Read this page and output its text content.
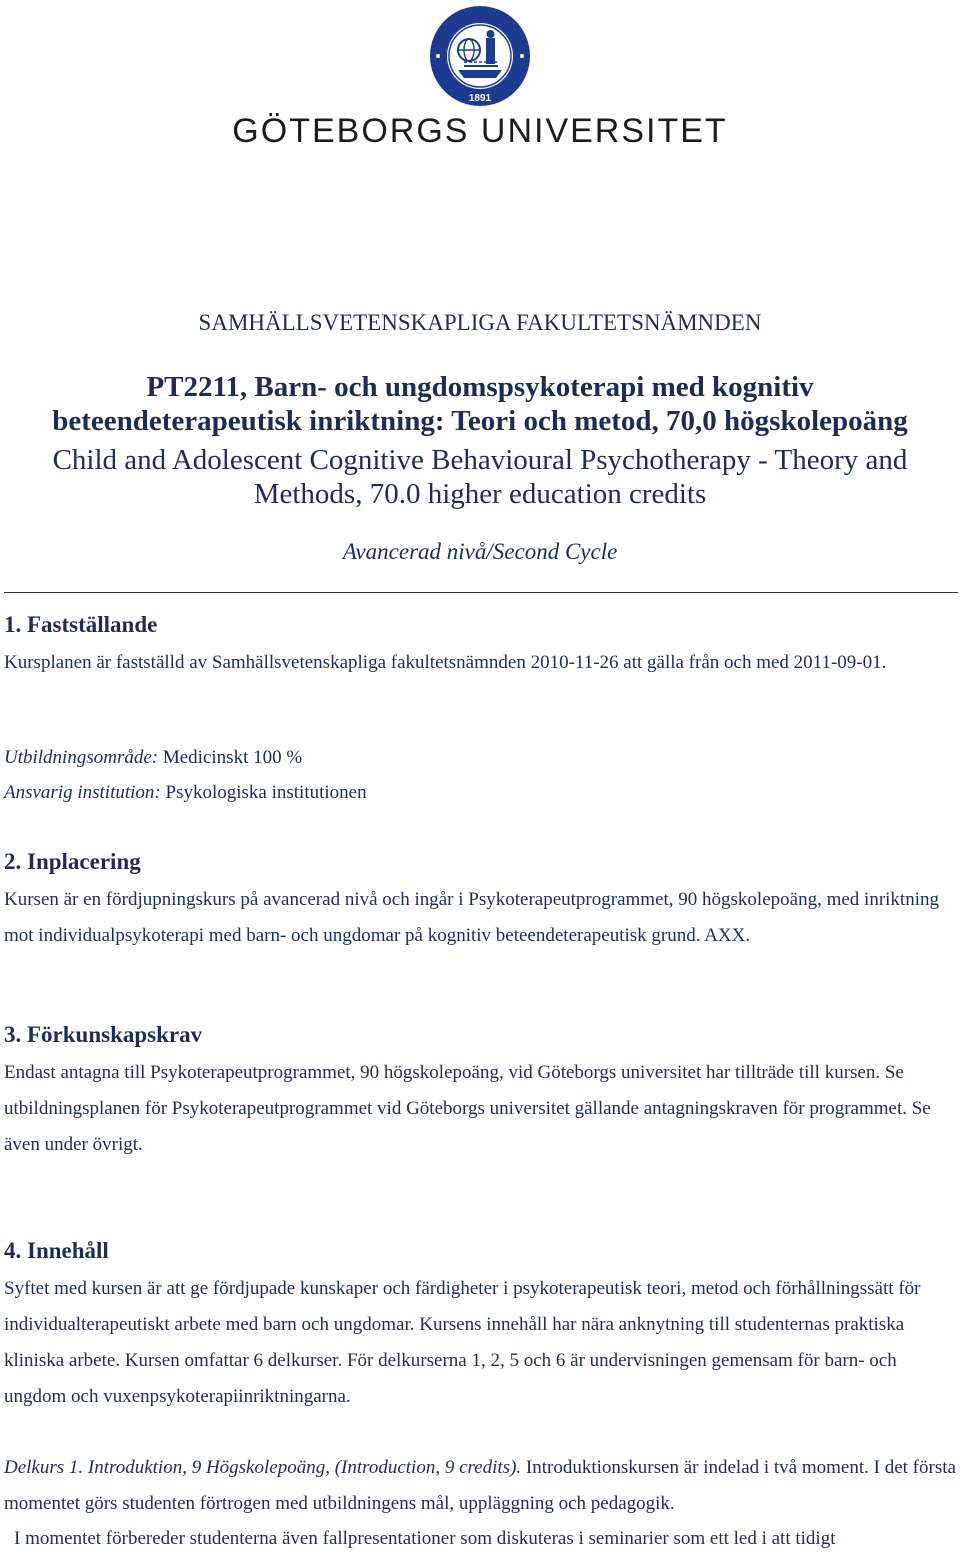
1891
GÖTEBORGS UNIVERSITET
SAMHÄLLSVETENSKAPLIGA FAKULTETSNÄMNDEN
PT2211, Barn- och ungdomspsykoterapi med kognitiv
beteendeterapeutisk inriktning: Teori och metod, 70,0 högskolepoäng
Child and Adolescent Cognitive Behavioural Psychotherapy - Theory and
Methods, 70.0 higher education credits
Avancerad nivå/Second Cycle
1. Fastställande
Kursplanen är fastställd av Samhällsvetenskapliga fakultetsnämnden 2010-11-26 att gälla från och med 2011-09-01.
Utbildningsområde: Medicinskt 100 %
Ansvarig institution: Psykologiska institutionen
2. Inplacering
Kursen är en fördjupningskurs på avancerad nivå och ingår i Psykoterapeutprogrammet, 90 högskolepoäng, med inriktning mot individualpsykoterapi med barn- och ungdomar på kognitiv beteendeterapeutisk grund. AXX.
3. Förkunskapskrav
Endast antagna till Psykoterapeutprogrammet, 90 högskolepoäng, vid Göteborgs universitet har tillträde till kursen. Se utbildningsplanen för Psykoterapeutprogrammet vid Göteborgs universitet gällande antagningskraven för programmet. Se även under övrigt.
4. Innehåll
Syftet med kursen är att ge fördjupade kunskaper och färdigheter i psykoterapeutisk teori, metod och förhållningssätt för individualterapeutiskt arbete med barn och ungdomar. Kursens innehåll har nära anknytning till studenternas praktiska kliniska arbete. Kursen omfattar 6 delkurser. För delkurserna 1, 2, 5 och 6 är undervisningen gemensam för barn- och ungdom och vuxenpsykoterapiinriktningarna.
Delkurs 1. Introduktion, 9 Högskolepoäng, (Introduction, 9 credits). Introduktionskursen är indelad i två moment. I det första momentet görs studenten förtrogen med utbildningens mål, uppläggning och pedagogik.
I momentet förbereder studenterna även fallpresentationer som diskuteras i seminarier som ett led i att tidigt
